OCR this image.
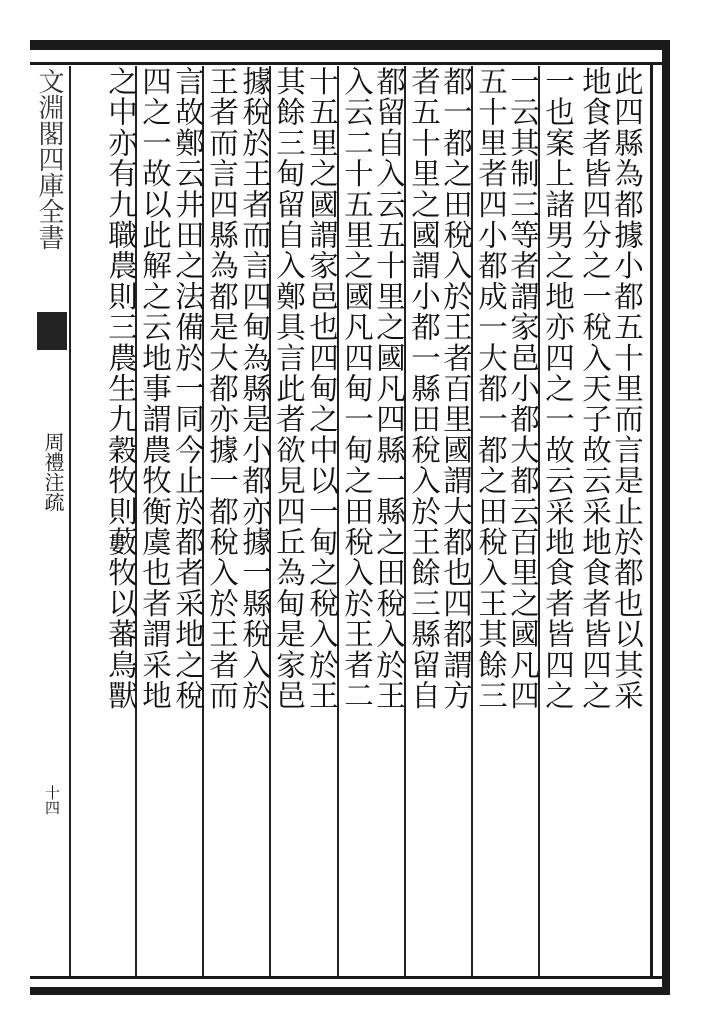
文淵閣四庫全書
周禮注疏
十四
此四縣為都據小都五十里而言是止於都也以其采
地食者皆四分之一稅入天子故云采地食者皆四之
一也案上諸男之地亦四之一故云采地食者皆四之
一云其制三等者謂家邑小都大都云百里之國凡四
五十里者四小都成一大都一都之田稅入王其餘三
都一都之田稅入於王者百里國謂大都也四都謂方
者五十里之國謂小都一縣田稅入於王餘三縣留自
都留自入云五十里之國凡四縣一縣之田稅入於王
入云二十五里之國凡四甸一甸之田稅入於王者二
十五里之國謂家邑也四甸之中以一甸之稅入於王
其餘三甸留自入鄭具言此者欲見四丘為甸是家邑
據稅於王者而言四甸為縣是小都亦據一縣稅入於
王者而言四縣為都是大都亦據一都稅入於王者而
言故鄭云井田之法備於一同今止於都者采地之稅
四之一故以此解之云地事謂農牧衡虞也者謂采地
之中亦有九職農則三農生九穀牧則藪牧以蕃鳥獸
